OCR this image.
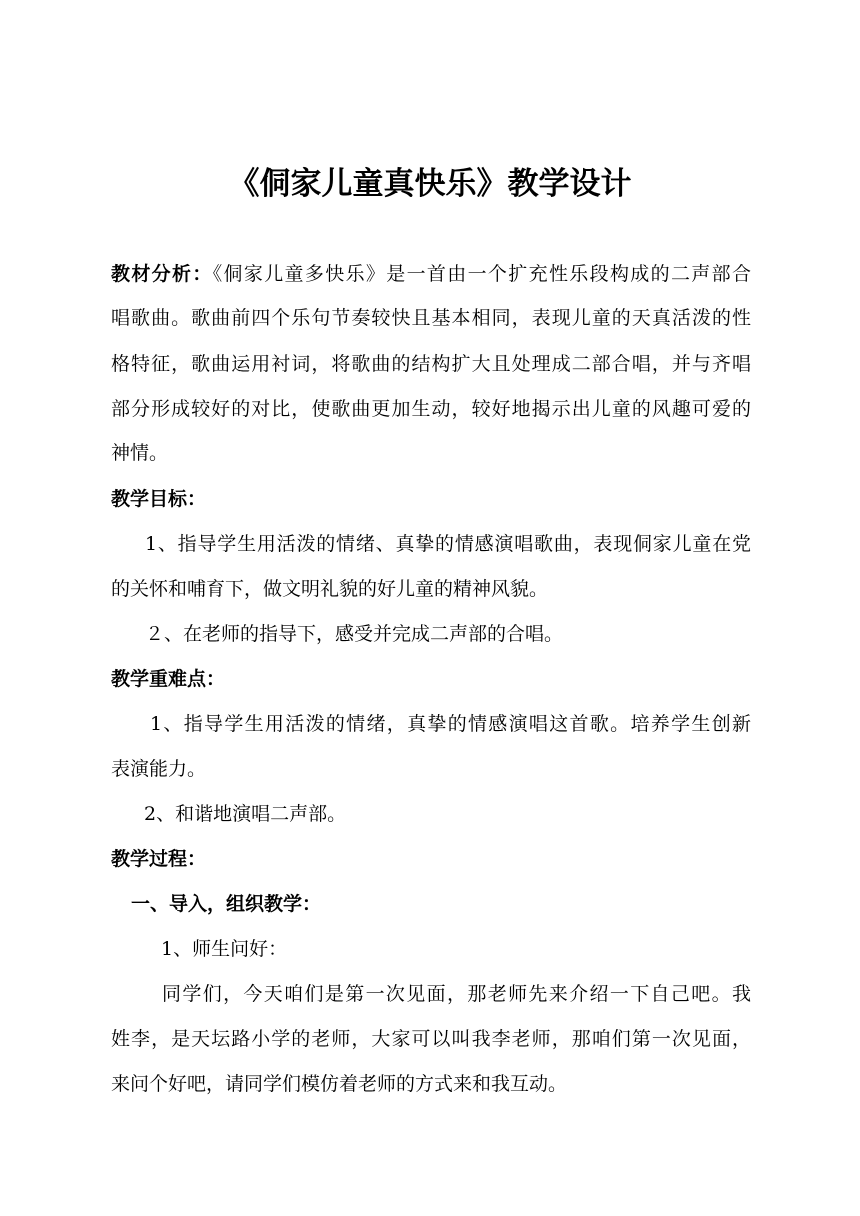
《侗家儿童真快乐》教学设计
教材分析：《侗家儿童多快乐》是一首由一个扩充性乐段构成的二声部合
唱歌曲。歌曲前四个乐句节奏较快且基本相同，表现儿童的天真活泼的性
格特征，歌曲运用衬词，将歌曲的结构扩大且处理成二部合唱，并与齐唱
部分形成较好的对比，使歌曲更加生动，较好地揭示出儿童的风趣可爱的
神情。
教学目标：
1、指导学生用活泼的情绪、真挚的情感演唱歌曲，表现侗家儿童在党
的关怀和哺育下，做文明礼貌的好儿童的精神风貌。
２、在老师的指导下，感受并完成二声部的合唱。
教学重难点：
1、指导学生用活泼的情绪，真挚的情感演唱这首歌。培养学生创新
表演能力。
2、和谐地演唱二声部。
教学过程：
一、导入，组织教学：
1、师生问好：
同学们，今天咱们是第一次见面，那老师先来介绍一下自己吧。我
姓李，是天坛路小学的老师，大家可以叫我李老师，那咱们第一次见面，
来问个好吧，请同学们模仿着老师的方式来和我互动。
